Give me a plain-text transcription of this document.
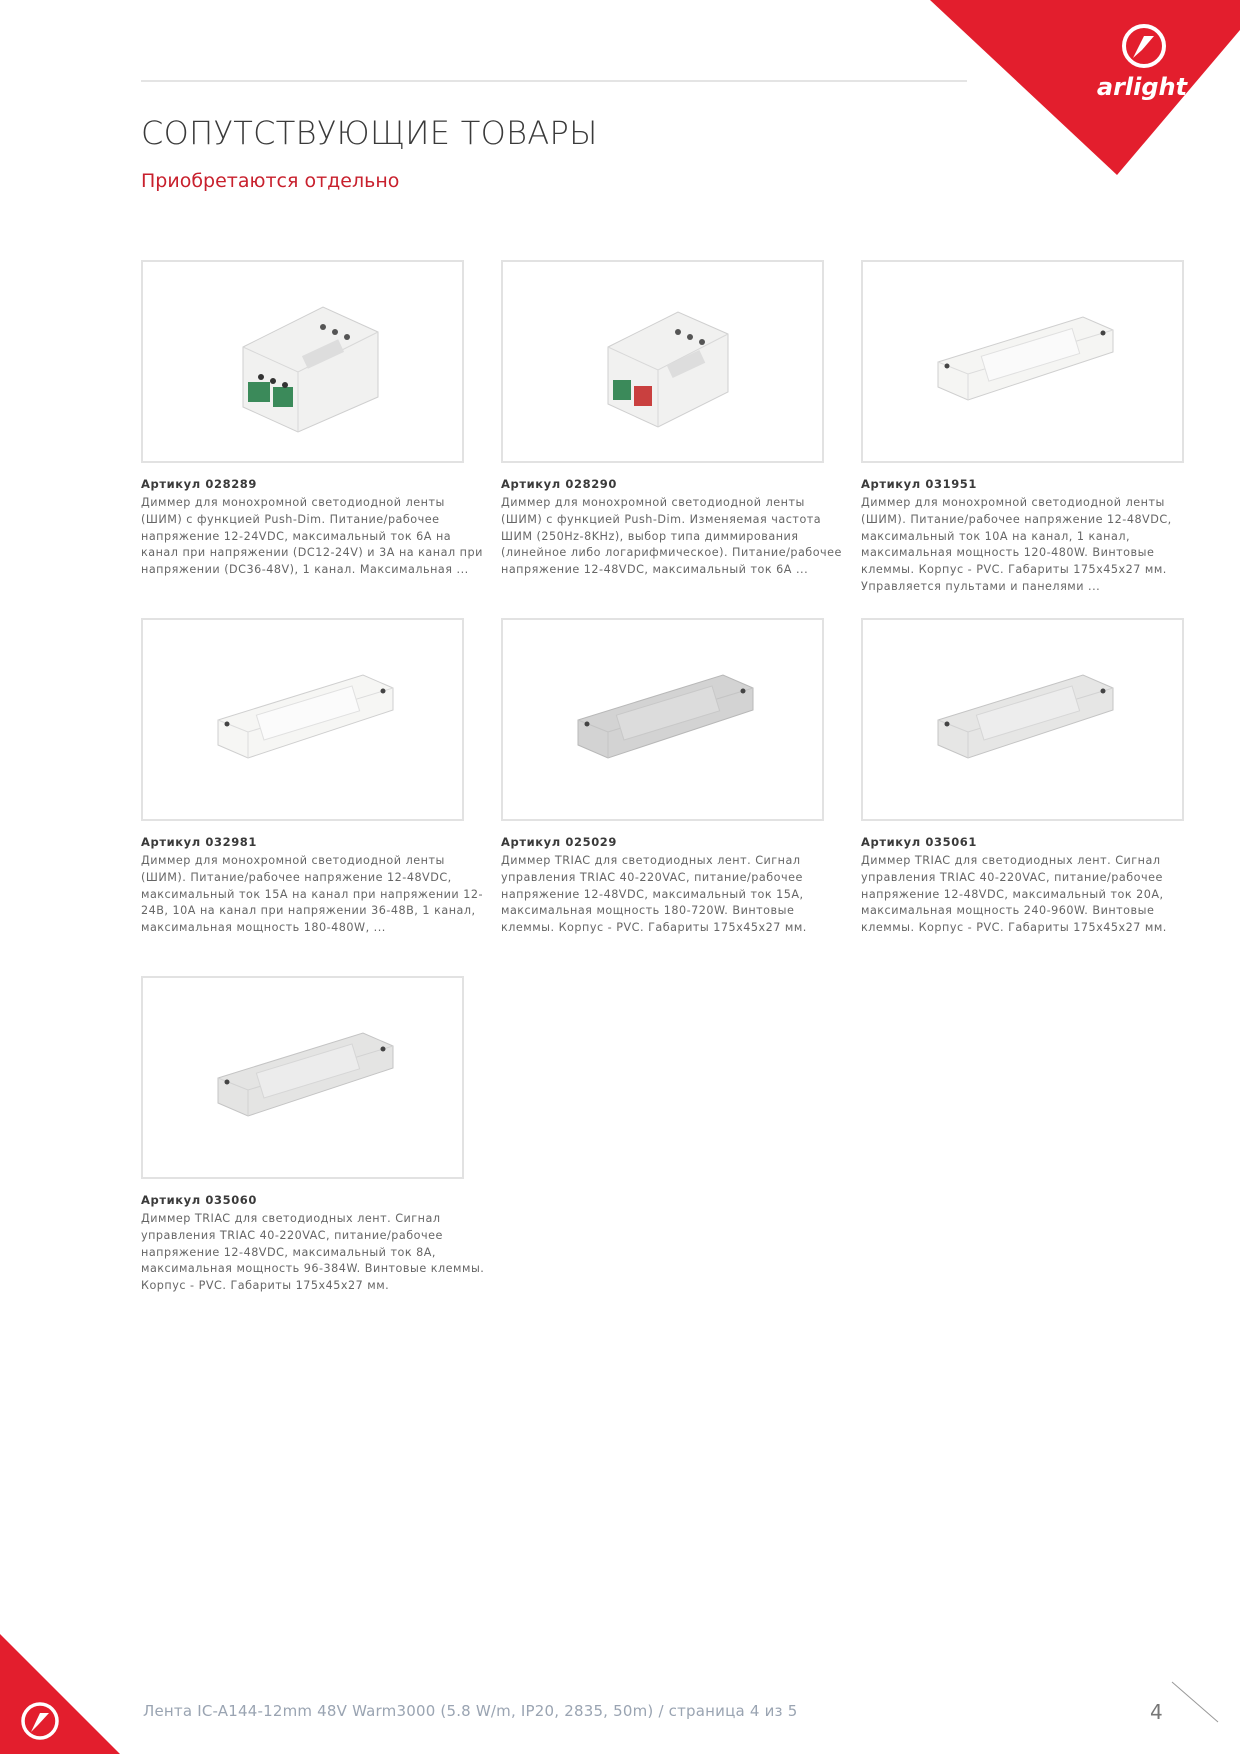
arlight
СОПУТСТВУЮЩИЕ ТОВАРЫ

Приобретаются отдельно

Артикул 028289
Диммер для монохромной светодиодной ленты (ШИМ) с функцией Push-Dim. Питание/рабочее напряжение 12-24VDC, максимальный ток 6А на канал при напряжении (DC12-24V) и 3А на канал при напряжении (DC36-48V), 1 канал. Максимальная ...
Артикул 028290
Диммер для монохромной светодиодной ленты (ШИМ) с функцией Push-Dim. Изменяемая частота ШИМ (250Hz-8KHz), выбор типа диммирования (линейное либо логарифмическое). Питание/рабочее напряжение 12-48VDC, максимальный ток 6А ...
Артикул 031951
Диммер для монохромной светодиодной ленты (ШИМ). Питание/рабочее напряжение 12-48VDC, максимальный ток 10А на канал, 1 канал, максимальная мощность 120-480W. Винтовые клеммы. Корпус - PVC. Габариты 175x45x27 мм. Управляется пультами и панелями ...
Артикул 032981
Диммер для монохромной светодиодной ленты (ШИМ). Питание/рабочее напряжение 12-48VDC, максимальный ток 15А на канал при напряжении 12-24В, 10А на канал при напряжении 36-48В, 1 канал, максимальная мощность 180-480W, ...
Артикул 025029
Диммер TRIAC для светодиодных лент. Сигнал управления TRIAC 40-220VAC, питание/рабочее напряжение 12-48VDC, максимальный ток 15А, максимальная мощность 180-720W. Винтовые клеммы. Корпус - PVC. Габариты 175x45x27 мм.
Артикул 035061
Диммер TRIAC для светодиодных лент. Сигнал управления TRIAC 40-220VAC, питание/рабочее напряжение 12-48VDC, максимальный ток 20А, максимальная мощность 240-960W. Винтовые клеммы. Корпус - PVC. Габариты 175x45x27 мм.
Артикул 035060
Диммер TRIAC для светодиодных лент. Сигнал управления TRIAC 40-220VAC, питание/рабочее напряжение 12-48VDC, максимальный ток 8А, максимальная мощность 96-384W. Винтовые клеммы. Корпус - PVC. Габариты 175x45x27 мм.
Лента IC-A144-12mm 48V Warm3000 (5.8 W/m, IP20, 2835, 50m) / страница 4 из 5	4
